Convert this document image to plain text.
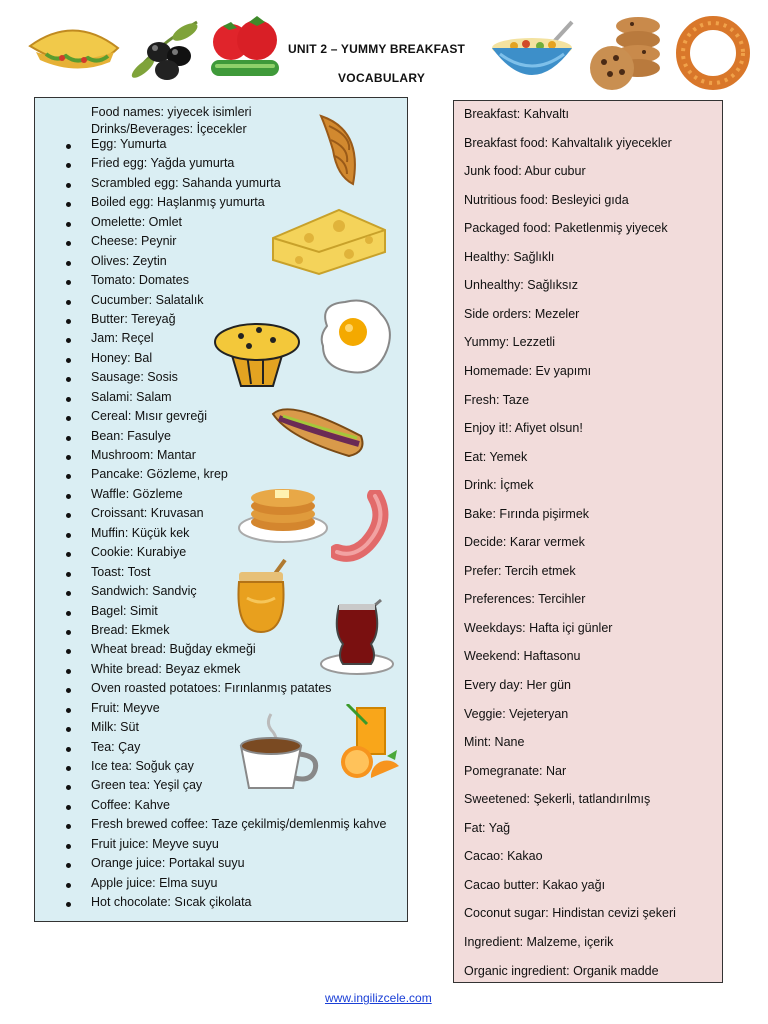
UNIT 2 – YUMMY BREAKFAST
VOCABULARY
Food names: yiyecek isimleri
Drinks/Beverages: İçecekler
Egg: Yumurta
Fried egg: Yağda yumurta
Scrambled egg: Sahanda yumurta
Boiled egg: Haşlanmış yumurta
Omelette: Omlet
Cheese: Peynir
Olives: Zeytin
Tomato: Domates
Cucumber: Salatalık
Butter: Tereyağ
Jam: Reçel
Honey: Bal
Sausage: Sosis
Salami: Salam
Cereal: Mısır gevreği
Bean: Fasulye
Mushroom: Mantar
Pancake: Gözleme, krep
Waffle: Gözleme
Croissant: Kruvasan
Muffin: Küçük kek
Cookie: Kurabiye
Toast: Tost
Sandwich: Sandviç
Bagel: Simit
Bread: Ekmek
Wheat bread: Buğday ekmeği
White bread: Beyaz ekmek
Oven roasted potatoes: Fırınlanmış patates
Fruit: Meyve
Milk: Süt
Tea: Çay
Ice tea: Soğuk çay
Green tea: Yeşil çay
Coffee: Kahve
Fresh brewed coffee: Taze çekilmiş/demlenmiş kahve
Fruit juice: Meyve suyu
Orange juice: Portakal suyu
Apple juice: Elma suyu
Hot chocolate: Sıcak çikolata
Breakfast: Kahvaltı
Breakfast food: Kahvaltalık yiyecekler
Junk food: Abur cubur
Nutritious food: Besleyici gıda
Packaged food: Paketlenmiş yiyecek
Healthy: Sağlıklı
Unhealthy: Sağlıksız
Side orders: Mezeler
Yummy: Lezzetli
Homemade: Ev yapımı
Fresh: Taze
Enjoy it!: Afiyet olsun!
Eat: Yemek
Drink: İçmek
Bake: Fırında pişirmek
Decide: Karar vermek
Prefer: Tercih etmek
Preferences: Tercihler
Weekdays: Hafta içi günler
Weekend: Haftasonu
Every day: Her gün
Veggie: Vejeteryan
Mint: Nane
Pomegranate: Nar
Sweetened: Şekerli, tatlandırılmış
Fat: Yağ
Cacao: Kakao
Cacao butter: Kakao yağı
Coconut sugar: Hindistan cevizi şekeri
Ingredient: Malzeme, içerik
Organic ingredient: Organik madde
www.ingilizcele.com
